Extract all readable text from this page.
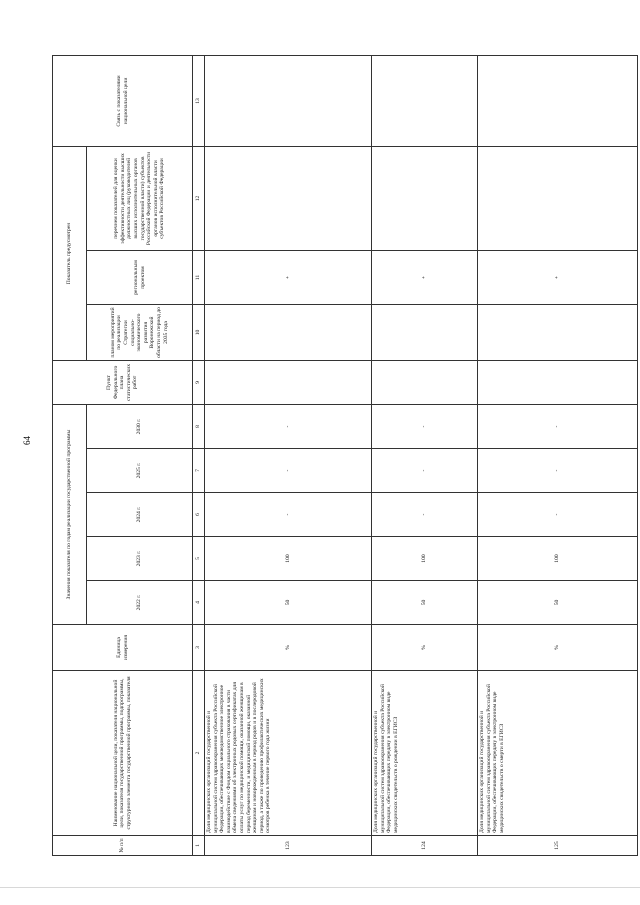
64
№ п/п	Наименование национальной цели, показателя национальной цели, показателя государственной программы, подпрограммы, структурного элемента государственной программы, показателя	Единица измерения	Значения показателя по годам реализации государственной программы					Пункт Федерального плана статистических работ	Показатель предусмотрен			Связь с показателями национальной цели
			2022 г.	2023 г.	2024 г.	2025 г.	2030 г.		планом мероприятий по реализации Стратегии социально-экономического развития Воронежской области на период до 2035 года	региональным проектом	перечнем показателей для оценки эффективности деятельности высших должностных лиц (руководителей высших исполнительных органов государственной власти) субъектов Российской Федерации и деятельности органов исполнительной власти субъектов Российской Федерации	
1	2	3	4	5	6	7	8	9	10	11	12	13
123	Доля медицинских организаций государственной и муниципальной систем здравоохранения субъекта Российской Федерации, обеспечивающих межведомственное электронное взаимодействие с Фондом социального страхования в части обмена сведениями об электронных родовых сертификатах для оплаты услуг по медицинской помощи, оказанной женщинам в период беременности, и медицинской помощи, оказанной женщинам и новорожденным в период родов и в послеродовой период, а также по проведению профилактических медицинских осмотров ребенка в течение первого года жизни	%	50	100	-	-	-			+		
124	Доля медицинских организаций государственной и муниципальной систем здравоохранения субъекта Российской Федерации, обеспечивающих передачу в электронном виде медицинских свидетельств о рождении в ЕГИСЗ	%	50	100	-	-	-			+		
125	Доля медицинских организаций государственной и муниципальной систем здравоохранения субъекта Российской Федерации, обеспечивающих передачу в электронном виде медицинских свидетельств о смерти в ЕГИСЗ	%	50	100	-	-	-			+		
